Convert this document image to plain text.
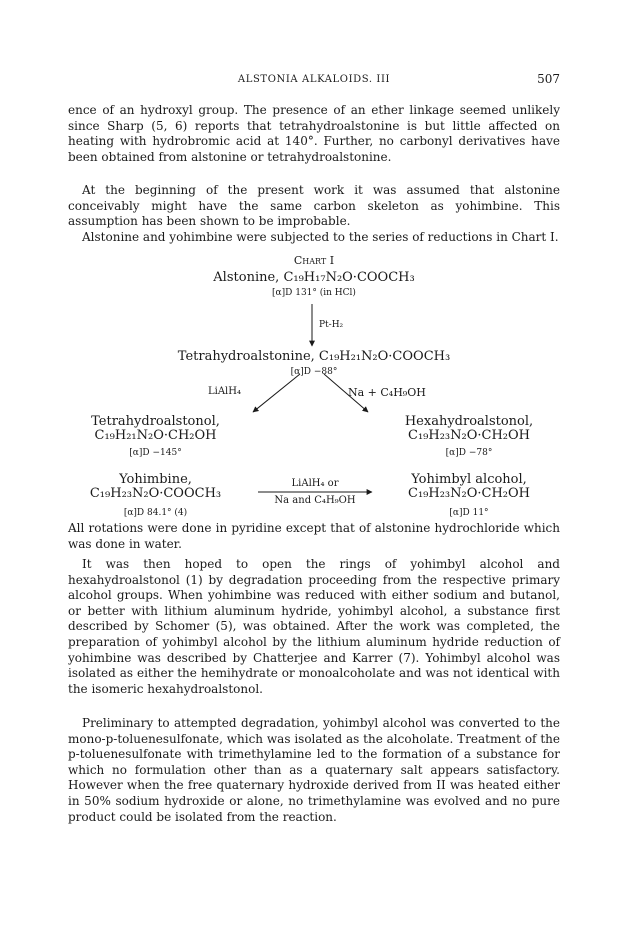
ALSTONIA ALKALOIDS. III	507

ence of an hydroxyl group. The presence of an ether linkage seemed unlikely since Sharp (5, 6) reports that tetrahydroalstonine is but little affected on heating with hydrobromic acid at 140°. Further, no carbonyl derivatives have been obtained from alstonine or tetrahydroalstonine.

At the beginning of the present work it was assumed that alstonine conceivably might have the same carbon skeleton as yohimbine. This assumption has been shown to be improbable.

Alstonine and yohimbine were subjected to the series of reductions in Chart I.

Chart I
Alstonine, C₁₉H₁₇N₂O·COOCH₃
[α]D 131° (in HCl)
Pt-H₂
Tetrahydroalstonine, C₁₉H₂₁N₂O·COOCH₃
[α]D −88°
LiAlH₄	Na + C₄H₉OH
Tetrahydroalstonol,
C₁₉H₂₁N₂O·CH₂OH
[α]D −145°
Yohimbine,
C₁₉H₂₃N₂O·COOCH₃
[α]D 84.1° (4)
LiAlH₄ or
Na and C₄H₉OH
Hexahydroalstonol,
C₁₉H₂₃N₂O·CH₂OH
[α]D −78°
Yohimbyl alcohol,
C₁₉H₂₃N₂O·CH₂OH
[α]D 11°

All rotations were done in pyridine except that of alstonine hydrochloride which was done in water.

It was then hoped to open the rings of yohimbyl alcohol and hexahydroalstonol (1) by degradation proceeding from the respective primary alcohol groups. When yohimbine was reduced with either sodium and butanol, or better with lithium aluminum hydride, yohimbyl alcohol, a substance first described by Schomer (5), was obtained. After the work was completed, the preparation of yohimbyl alcohol by the lithium aluminum hydride reduction of yohimbine was described by Chatterjee and Karrer (7). Yohimbyl alcohol was isolated as either the hemihydrate or monoalcoholate and was not identical with the isomeric hexahydroalstonol.

Preliminary to attempted degradation, yohimbyl alcohol was converted to the mono-p-toluenesulfonate, which was isolated as the alcoholate. Treatment of the p-toluenesulfonate with trimethylamine led to the formation of a substance for which no formulation other than as a quaternary salt appears satisfactory. However when the free quaternary hydroxide derived from II was heated either in 50% sodium hydroxide or alone, no trimethylamine was evolved and no pure product could be isolated from the reaction.
